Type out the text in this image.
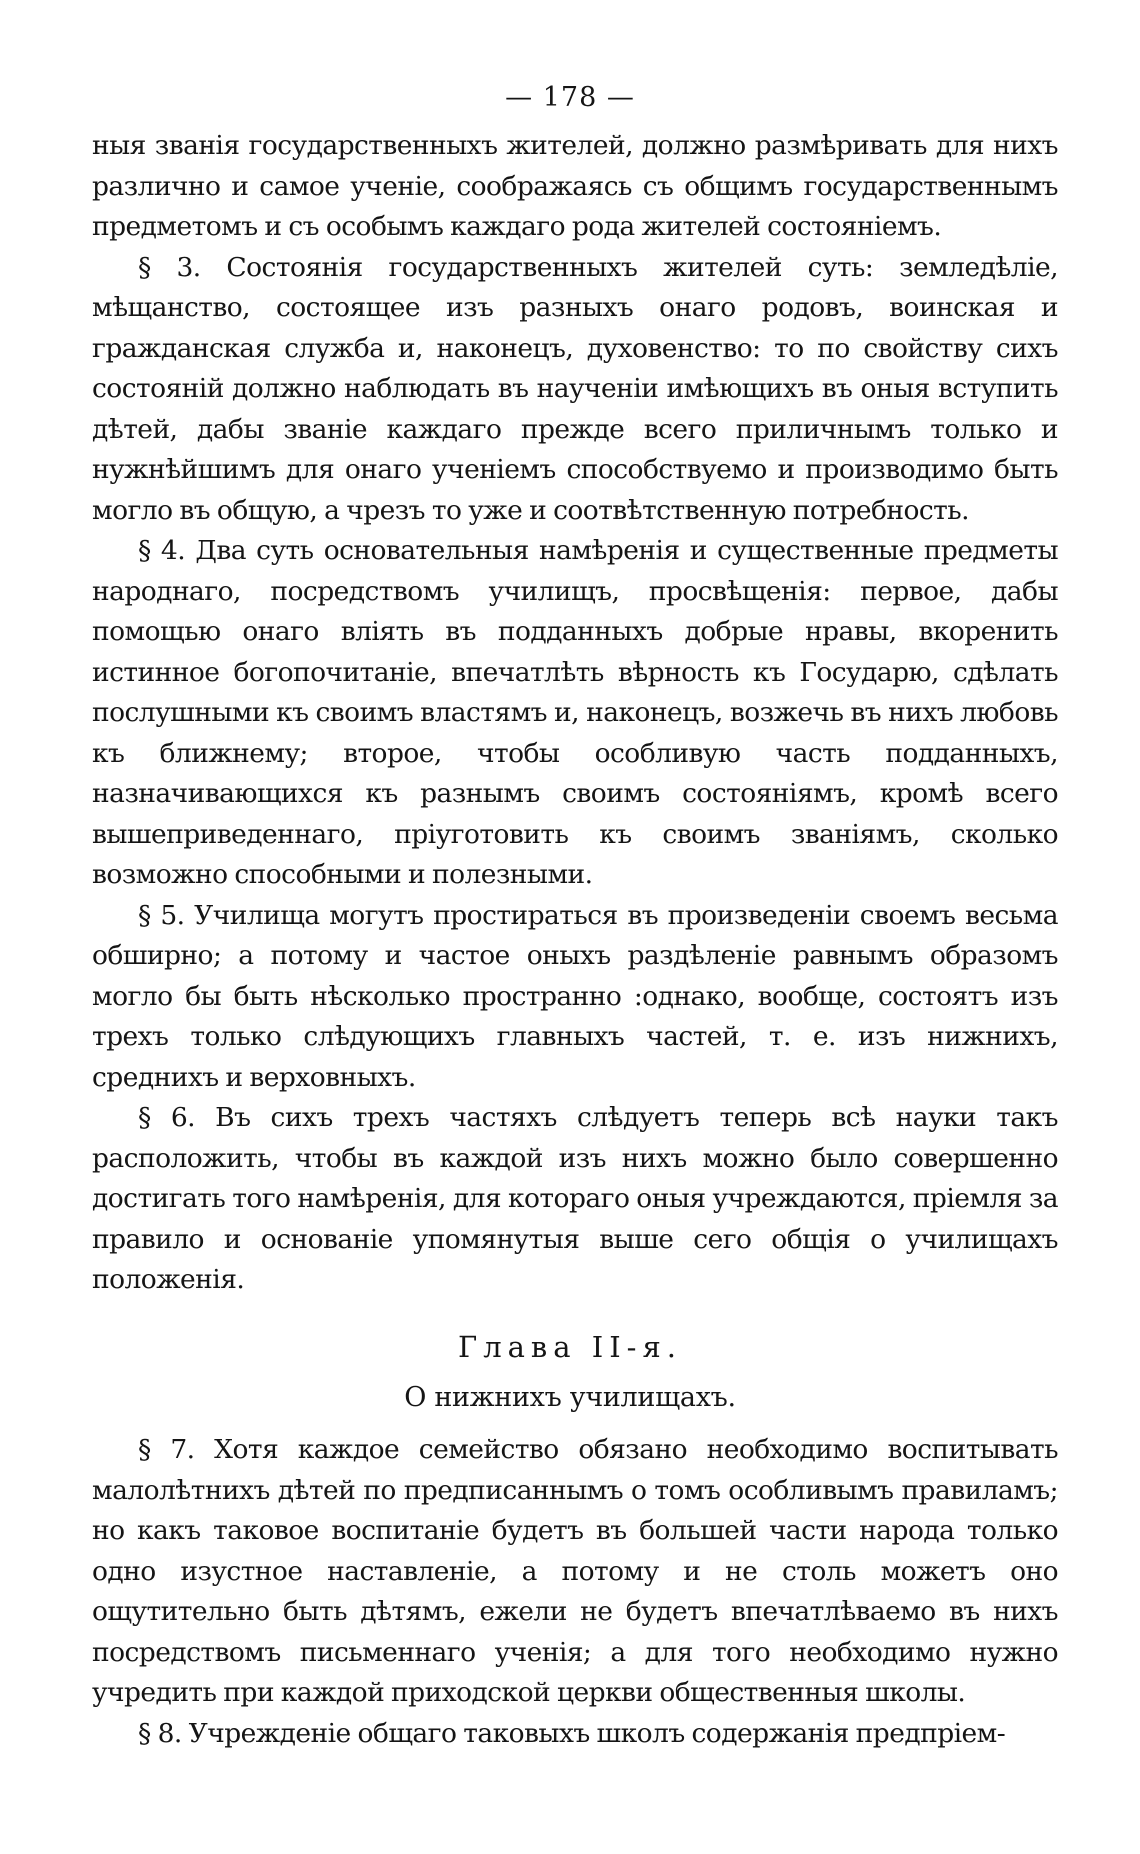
— 178 —

ныя званія государственныхъ жителей, должно размѣривать для нихъ различно и самое ученіе, соображаясь съ общимъ государственнымъ предметомъ и съ особымъ каждаго рода жителей состояніемъ.

§ 3. Состоянія государственныхъ жителей суть: земледѣліе, мѣщанство, состоящее изъ разныхъ онаго родовъ, воинская и гражданская служба и, наконецъ, духовенство: то по свойству сихъ состояній должно наблюдать въ наученіи имѣющихъ въ оныя вступить дѣтей, дабы званіе каждаго прежде всего приличнымъ только и нужнѣйшимъ для онаго ученіемъ способствуемо и производимо быть могло въ общую, а чрезъ то уже и соотвѣтственную потребность.

§ 4. Два суть основательныя намѣренія и существенные предметы народнаго, посредствомъ училищъ, просвѣщенія: первое, дабы помощью онаго вліять въ подданныхъ добрые нравы, вкоренить истинное богопочитаніе, впечатлѣть вѣрность къ Государю, сдѣлать послушными къ своимъ властямъ и, наконецъ, возжечь въ нихъ любовь къ ближнему; второе, чтобы особливую часть подданныхъ, назначивающихся къ разнымъ своимъ состояніямъ, кромѣ всего вышеприведеннаго, пріуготовить къ своимъ званіямъ, сколько возможно способными и полезными.

§ 5. Училища могутъ простираться въ произведеніи своемъ весьма обширно; а потому и частое оныхъ раздѣленіе равнымъ образомъ могло бы быть нѣсколько пространно :однако, вообще, состоятъ изъ трехъ только слѣдующихъ главныхъ частей, т. е. изъ нижнихъ, среднихъ и верховныхъ.

§ 6. Въ сихъ трехъ частяхъ слѣдуетъ теперь всѣ науки такъ расположить, чтобы въ каждой изъ нихъ можно было совершенно достигать того намѣренія, для котораго оныя учреждаются, пріемля за правило и основаніе упомянутыя выше сего общія о училищахъ положенія.

Глава II-я.
О нижнихъ училищахъ.

§ 7. Хотя каждое семейство обязано необходимо воспитывать малолѣтнихъ дѣтей по предписаннымъ о томъ особливымъ правиламъ; но какъ таковое воспитаніе будетъ въ большей части народа только одно изустное наставленіе, а потому и не столь можетъ оно ощутительно быть дѣтямъ, ежели не будетъ впечатлѣваемо въ нихъ посредствомъ письменнаго ученія; а для того необходимо нужно учредить при каждой приходской церкви общественныя школы.

§ 8. Учрежденіе общаго таковыхъ школъ содержанія предпріем-
